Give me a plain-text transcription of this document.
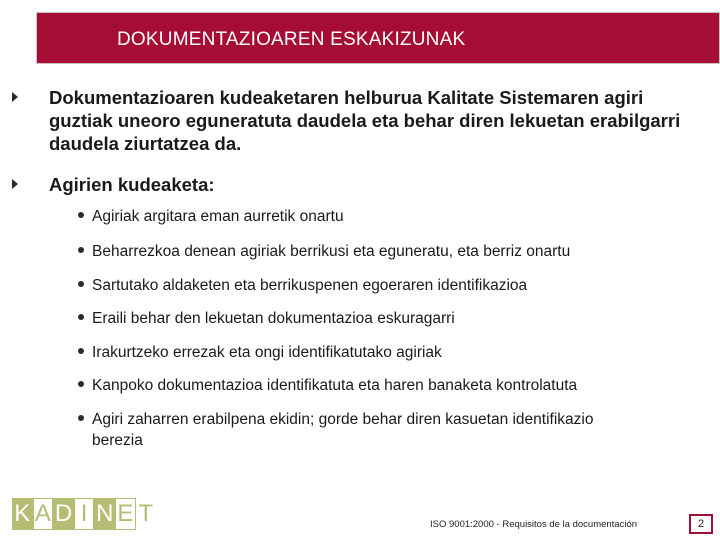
DOKUMENTAZIOAREN ESKAKIZUNAK
Dokumentazioaren kudeaketaren helburua Kalitate Sistemaren agiri guztiak uneoro eguneratuta daudela eta behar diren lekuetan erabilgarri daudela ziurtatzea da.
Agirien kudeaketa:
Agiriak argitara eman aurretik onartu
Beharrezkoa denean agiriak berrikusi eta eguneratu, eta berriz onartu
Sartutako aldaketen eta berrikuspenen egoeraren identifikazioa
Eraili behar den lekuetan dokumentazioa eskuragarri
Irakurtzeko errezak eta ongi identifikatutako agiriak
Kanpoko dokumentazioa identifikatuta eta haren banaketa kontrolatuta
Agiri zaharren erabilpena ekidin; gorde behar diren kasuetan identifikazio berezia
K A D I N E T	ISO 9001:2000 - Requisitos de la documentación	2
